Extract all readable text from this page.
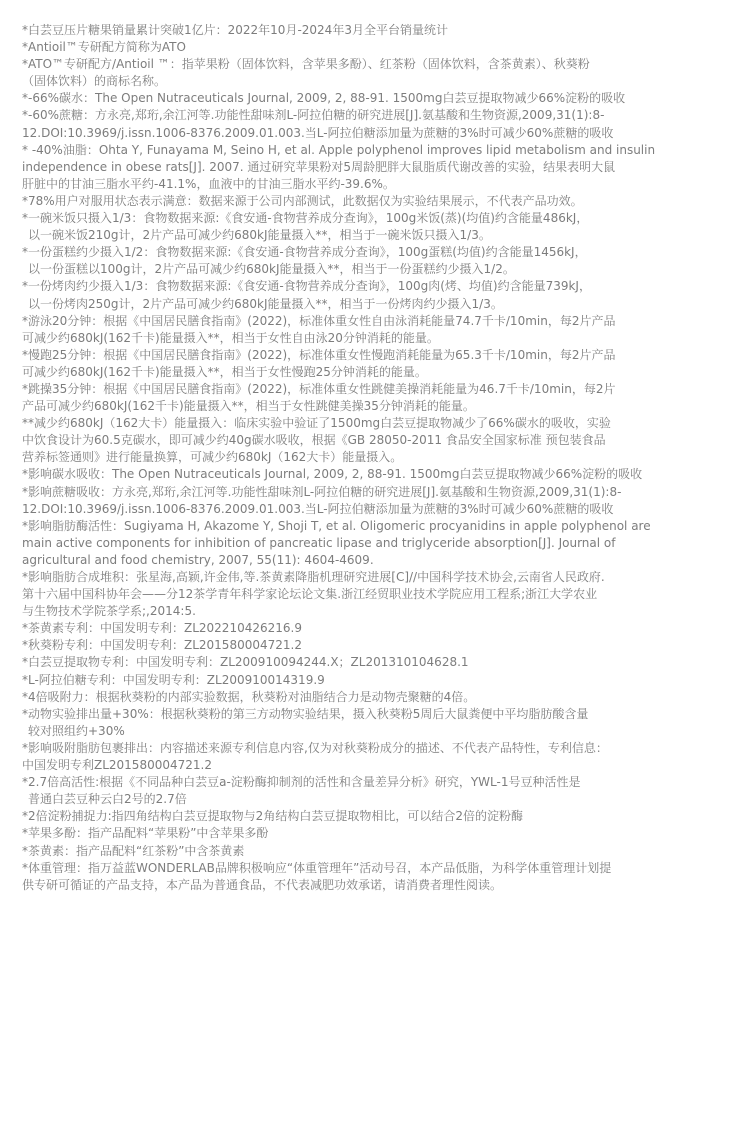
*白芸豆压片糖果销量累计突破1亿片：2022年10月-2024年3月全平台销量统计
*Antioil™专研配方简称为ATO
*ATO™专研配方/Antioil ™：指苹果粉（固体饮料，含苹果多酚）、红茶粉（固体饮料，含茶黄素）、秋葵粉
（固体饮料）的商标名称。
*-66%碳水：The Open Nutraceuticals Journal, 2009, 2, 88-91. 1500mg白芸豆提取物减少66%淀粉的吸收
*-60%蔗糖：方永亮,郑珩,余江河等.功能性甜味剂L-阿拉伯糖的研究进展[J].氨基酸和生物资源,2009,31(1):8-
12.DOI:10.3969/j.issn.1006-8376.2009.01.003.当L-阿拉伯糖添加量为蔗糖的3%时可减少60%蔗糖的吸收
* -40%油脂：Ohta Y, Funayama M, Seino H, et al. Apple polyphenol improves lipid metabolism and insulin
independence in obese rats[J]. 2007. 通过研究苹果粉对5周龄肥胖大鼠脂质代谢改善的实验，结果表明大鼠
肝脏中的甘油三脂水平约-41.1%，血液中的甘油三脂水平约-39.6%。
*78%用户对服用状态表示满意：数据来源于公司内部测试，此数据仅为实验结果展示，不代表产品功效。
*一碗米饭只摄入1/3：食物数据来源:《食安通-食物营养成分查询》，100g米饭(蒸)(均值)约含能量486kJ，
以一碗米饭210g计，2片产品可减少约680kJ能量摄入**，相当于一碗米饭只摄入1/3。
*一份蛋糕约少摄入1/2：食物数据来源:《食安通-食物营养成分查询》，100g蛋糕(均值)约含能量1456kJ，
以一份蛋糕以100g计，2片产品可减少约680kJ能量摄入**，相当于一份蛋糕约少摄入1/2。
*一份烤肉约少摄入1/3：食物数据来源:《食安通-食物营养成分查询》，100g肉(烤、均值)约含能量739kJ，
以一份烤肉250g计，2片产品可减少约680kJ能量摄入**，相当于一份烤肉约少摄入1/3。
*游泳20分钟：根据《中国居民膳食指南》(2022)，标准体重女性自由泳消耗能量74.7千卡/10min，每2片产品
可减少约680kJ(162千卡)能量摄入**，相当于女性自由泳20分钟消耗的能量。
*慢跑25分钟：根据《中国居民膳食指南》(2022)，标准体重女性慢跑消耗能量为65.3千卡/10min，每2片产品
可减少约680kJ(162千卡)能量摄入**，相当于女性慢跑25分钟消耗的能量。
*跳操35分钟：根据《中国居民膳食指南》(2022)，标准体重女性跳健美操消耗能量为46.7千卡/10min，每2片
产品可减少约680kJ(162千卡)能量摄入**，相当于女性跳健美操35分钟消耗的能量。
**减少约680kJ（162大卡）能量摄入：临床实验中验证了1500mg白芸豆提取物减少了66%碳水的吸收，实验
中饮食设计为60.5克碳水，即可减少约40g碳水吸收，根据《GB 28050-2011 食品安全国家标准 预包装食品
营养标签通则》进行能量换算，可减少约680kJ（162大卡）能量摄入。
*影响碳水吸收：The Open Nutraceuticals Journal, 2009, 2, 88-91. 1500mg白芸豆提取物减少66%淀粉的吸收
*影响蔗糖吸收：方永亮,郑珩,余江河等.功能性甜味剂L-阿拉伯糖的研究进展[J].氨基酸和生物资源,2009,31(1):8-
12.DOI:10.3969/j.issn.1006-8376.2009.01.003.当L-阿拉伯糖添加量为蔗糖的3%时可减少60%蔗糖的吸收
*影响脂肪酶活性：Sugiyama H, Akazome Y, Shoji T, et al. Oligomeric procyanidins in apple polyphenol are
main active components for inhibition of pancreatic lipase and triglyceride absorption[J]. Journal of
agricultural and food chemistry, 2007, 55(11): 4604-4609.
*影响脂肪合成堆积：张星海,高颖,许金伟,等.茶黄素降脂机理研究进展[C]//中国科学技术协会,云南省人民政府.
第十六届中国科协年会——分12茶学青年科学家论坛论文集.浙江经贸职业技术学院应用工程系;浙江大学农业
与生物技术学院茶学系;,2014:5.
*茶黄素专利：中国发明专利：ZL202210426216.9
*秋葵粉专利：中国发明专利：ZL201580004721.2
*白芸豆提取物专利：中国发明专利：ZL200910094244.X；ZL201310104628.1
*L-阿拉伯糖专利：中国发明专利：ZL200910014319.9
*4倍吸附力：根据秋葵粉的内部实验数据，秋葵粉对油脂结合力是动物壳聚糖的4倍。
*动物实验排出量+30%：根据秋葵粉的第三方动物实验结果，摄入秋葵粉5周后大鼠粪便中平均脂肪酸含量
较对照组约+30%
*影响吸附脂肪包裹排出：内容描述来源专利信息内容,仅为对秋葵粉成分的描述、不代表产品特性，专利信息：
中国发明专利ZL201580004721.2
*2.7倍高活性:根据《不同品种白芸豆a-淀粉酶抑制剂的活性和含量差异分析》研究，YWL-1号豆种活性是
普通白芸豆种云白2号的2.7倍
*2倍淀粉捕捉力:指四角结构白芸豆提取物与2角结构白芸豆提取物相比，可以结合2倍的淀粉酶
*苹果多酚：指产品配料“苹果粉”中含苹果多酚
*茶黄素：指产品配料“红茶粉”中含茶黄素
*体重管理：指万益蓝WONDERLAB品牌积极响应“体重管理年”活动号召，本产品低脂，为科学体重管理计划提
供专研可循证的产品支持，本产品为普通食品，不代表减肥功效承诺，请消费者理性阅读。
